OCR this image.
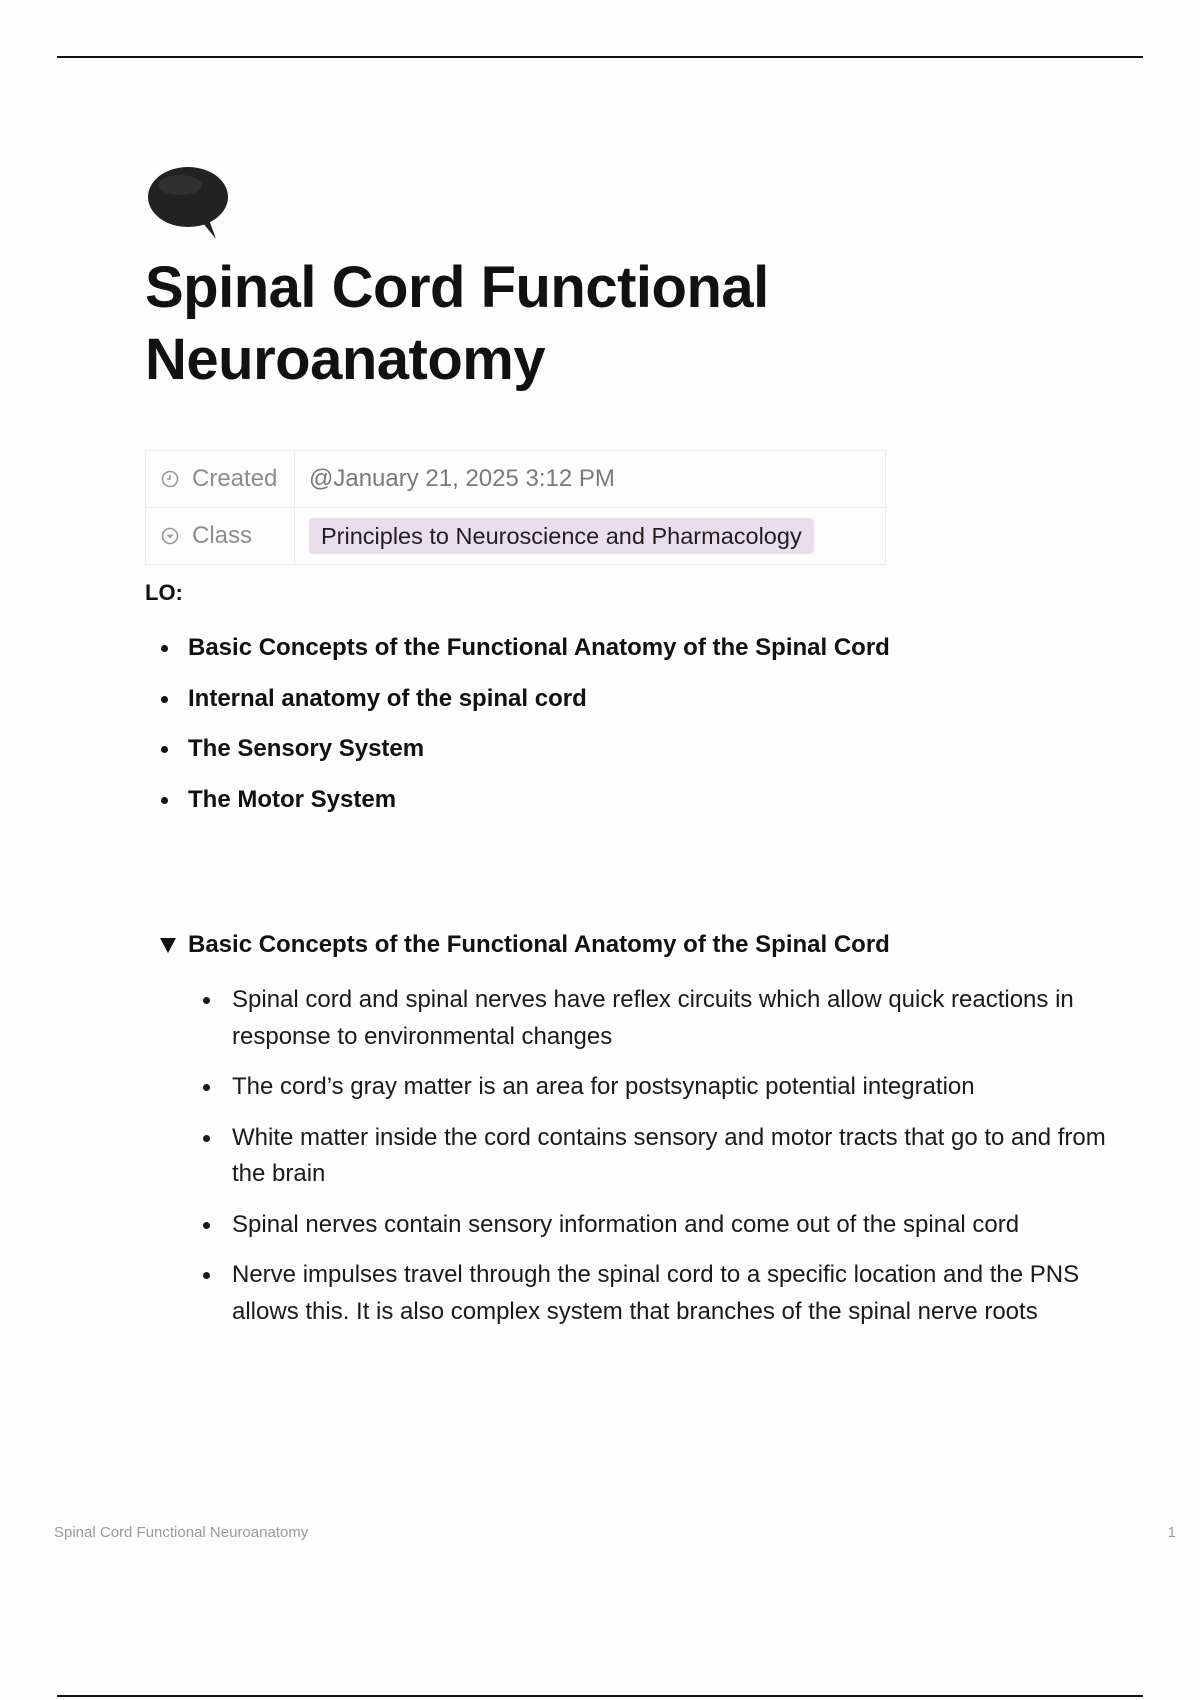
Spinal Cord Functional Neuroanatomy
Created	@January 21, 2025 3:12 PM

Class	Principles to Neuroscience and Pharmacology
LO:
Basic Concepts of the Functional Anatomy of the Spinal Cord
Internal anatomy of the spinal cord
The Sensory System
The Motor System
Basic Concepts of the Functional Anatomy of the Spinal Cord
Spinal cord and spinal nerves have reflex circuits which allow quick reactions in response to environmental changes
The cord’s gray matter is an area for postsynaptic potential integration
White matter inside the cord contains sensory and motor tracts that go to and from the brain
Spinal nerves contain sensory information and come out of the spinal cord
Nerve impulses travel through the spinal cord to a specific location and the PNS allows this. It is also complex system that branches of the spinal nerve roots
Spinal Cord Functional Neuroanatomy	1
